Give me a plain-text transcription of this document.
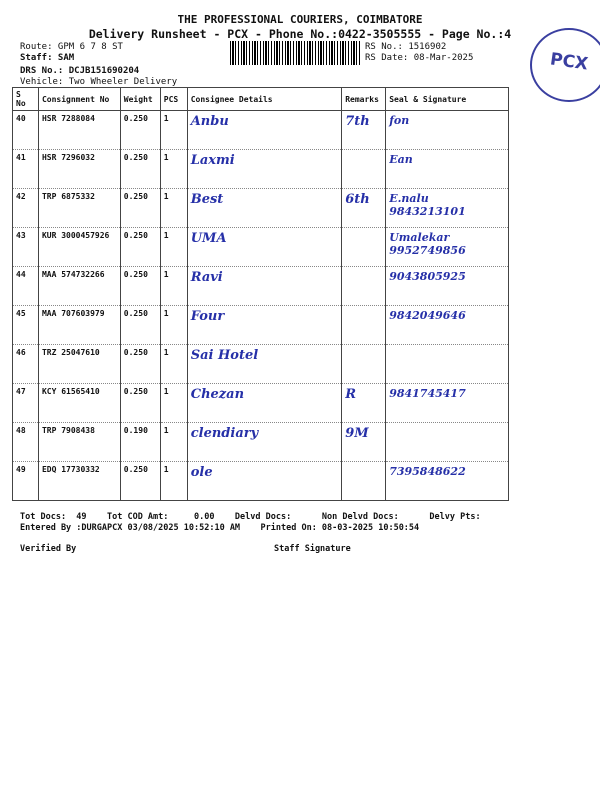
THE PROFESSIONAL COURIERS, COIMBATORE
Delivery Runsheet - PCX - Phone No.:0422-3505555 - Page No.:4
Route: GPM 6 7 8 ST
Staff: SAM
DRS No.: DCJB151690204
Vehicle: Two Wheeler Delivery
RS No.: 1516902
RS Date: 08-Mar-2025	PCX
S No	Consignment No	Weight	PCS	Consignee Details	Remarks	Seal & Signature
40	HSR 7288084	0.250	1	Anbu	7th	fon
41	HSR 7296032	0.250	1	Laxmi		Ean
42	TRP 6875332	0.250	1	Best	6th	E.nalu 9843213101
43	KUR 3000457926	0.250	1	UMA		Umalekar 9952749856
44	MAA 574732266	0.250	1	Ravi		9043805925
45	MAA 707603979	0.250	1	Four		9842049646
46	TRZ 25047610	0.250	1	Sai Hotel		
47	KCY 61565410	0.250	1	Chezan	R	9841745417
48	TRP 7908438	0.190	1	clendiary	9M	
49	EDQ 17730332	0.250	1	ole		7395848622
Tot Docs:  49    Tot COD Amt:     0.00    Delvd Docs:      Non Delvd Docs:      Delvy Pts:
Entered By :DURGAPCX 03/08/2025 10:52:10 AM    Printed On: 08-03-2025 10:50:54
Verified By	Staff Signature
